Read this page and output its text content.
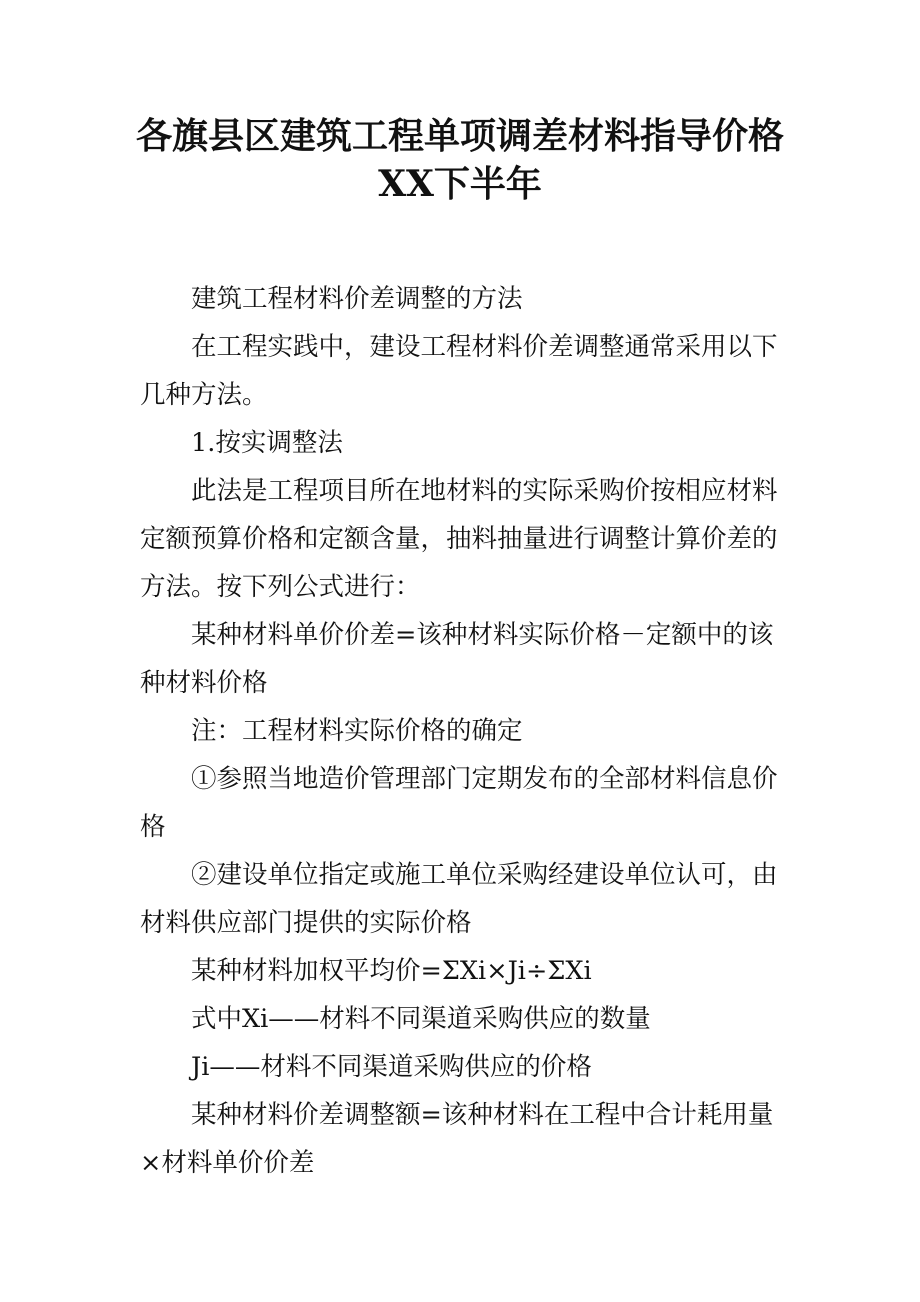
各旗县区建筑工程单项调差材料指导价格XX下半年

建筑工程材料价差调整的方法

在工程实践中，建设工程材料价差调整通常采用以下几种方法。

1.按实调整法

此法是工程项目所在地材料的实际采购价按相应材料定额预算价格和定额含量，抽料抽量进行调整计算价差的方法。按下列公式进行：

某种材料单价价差=该种材料实际价格－定额中的该种材料价格

注：工程材料实际价格的确定

①参照当地造价管理部门定期发布的全部材料信息价格

②建设单位指定或施工单位采购经建设单位认可，由材料供应部门提供的实际价格

某种材料加权平均价=ΣXi×Ji÷ΣXi

式中Xi——材料不同渠道采购供应的数量

Ji——材料不同渠道采购供应的价格

某种材料价差调整额=该种材料在工程中合计耗用量×材料单价价差
